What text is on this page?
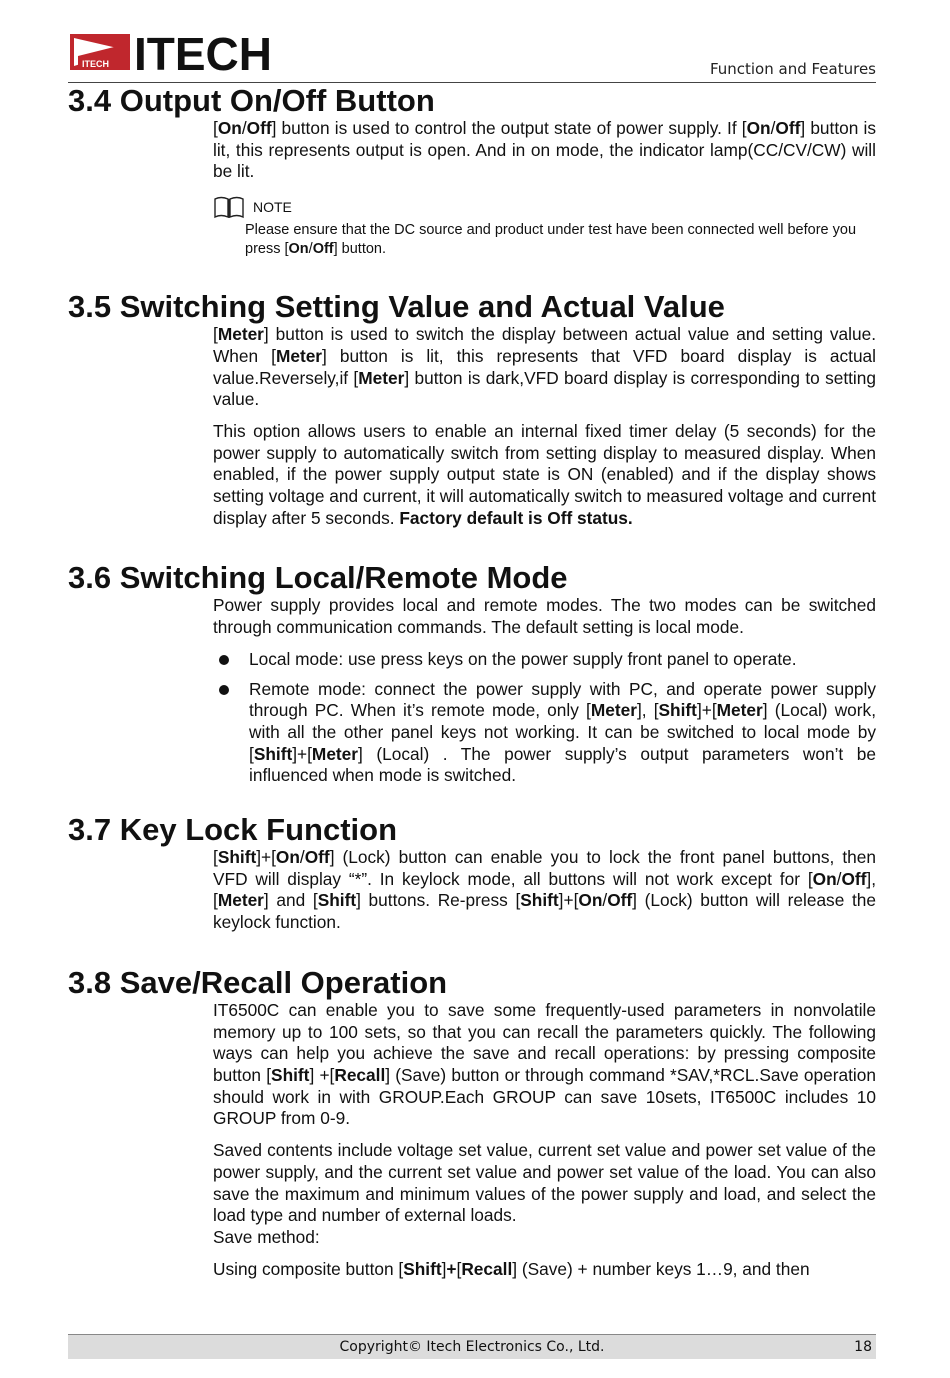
ITECH ITECH	Function and Features
3.4 Output On/Off Button

[On/Off] button is used to control the output state of power supply. If [On/Off] button is lit, this represents output is open. And in on mode, the indicator lamp(CC/CV/CW) will be lit.

NOTE
Please ensure that the DC source and product under test have been connected well before you press [On/Off] button.
3.5 Switching Setting Value and Actual Value

[Meter] button is used to switch the display between actual value and setting value. When [Meter] button is lit, this represents that VFD board display is actual value.Reversely,if [Meter] button is dark,VFD board display is corresponding to setting value.

This option allows users to enable an internal fixed timer delay (5 seconds) for the power supply to automatically switch from setting display to measured display. When enabled, if the power supply output state is ON (enabled) and if the display shows setting voltage and current, it will automatically switch to measured voltage and current display after 5 seconds. Factory default is Off status.

3.6 Switching Local/Remote Mode

Power supply provides local and remote modes. The two modes can be switched through communication commands. The default setting is local mode.

Local mode: use press keys on the power supply front panel to operate.
Remote mode: connect the power supply with PC, and operate power supply through PC. When it’s remote mode, only [Meter], [Shift]+[Meter] (Local) work, with all the other panel keys not working. It can be switched to local mode by [Shift]+[Meter] (Local) . The power supply’s output parameters won’t be influenced when mode is switched.
3.7 Key Lock Function

[Shift]+[On/Off] (Lock) button can enable you to lock the front panel buttons, then VFD will display “*”. In keylock mode, all buttons will not work except for [On/Off], [Meter] and [Shift] buttons. Re-press [Shift]+[On/Off] (Lock) button will release the keylock function.

3.8 Save/Recall Operation

IT6500C can enable you to save some frequently-used parameters in nonvolatile memory up to 100 sets, so that you can recall the parameters quickly. The following ways can help you achieve the save and recall operations: by pressing composite button [Shift] +[Recall] (Save) button or through command *SAV,*RCL.Save operation should work in with GROUP.Each GROUP can save 10sets, IT6500C includes 10 GROUP from 0-9.

Saved contents include voltage set value, current set value and power set value of the power supply, and the current set value and power set value of the load. You can also save the maximum and minimum values of the power supply and load, and select the load type and number of external loads.

Save method:

Using composite button [Shift]+[Recall] (Save) + number keys 1…9, and then

Copyright© Itech Electronics Co., Ltd.	18
